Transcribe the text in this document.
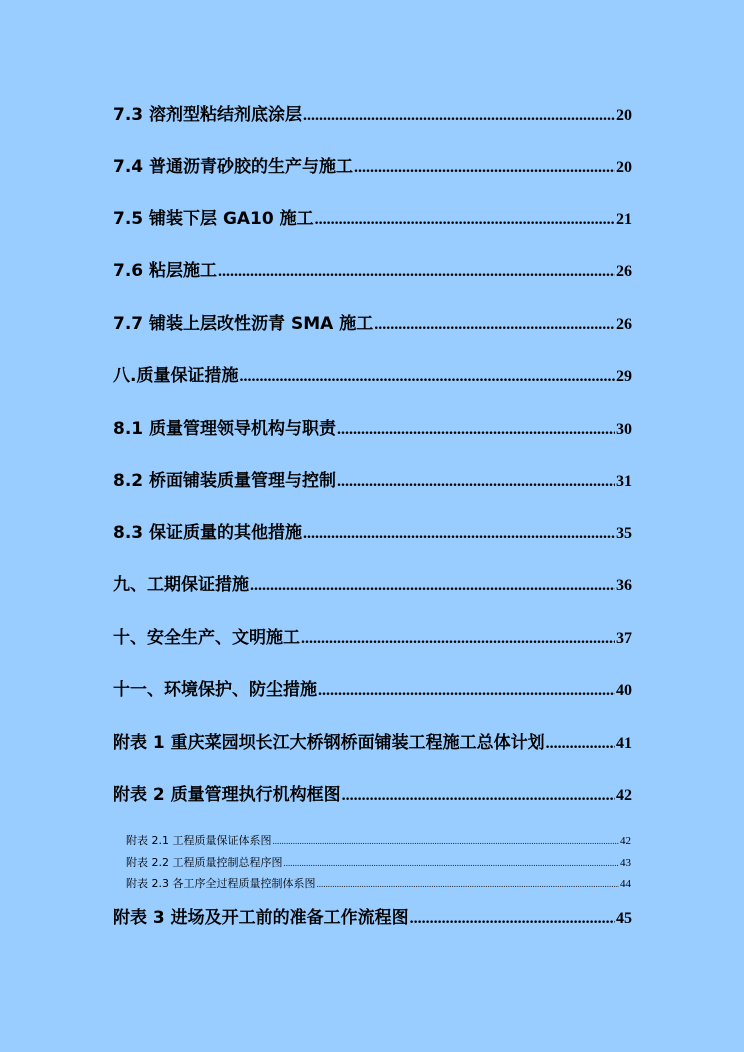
7.3 溶剂型粘结剂底涂层 .....	20
7.4 普通沥青砂胶的生产与施工 .....	20
7.5 铺装下层 GA10 施工 .....	21
7.6 粘层施工 .....	26
7.7 铺装上层改性沥青 SMA 施工 .....	26
八.质量保证措施 .....	29
8.1 质量管理领导机构与职责 .....	30
8.2 桥面铺装质量管理与控制 .....	31
8.3 保证质量的其他措施 .....	35
九、工期保证措施 .....	36
十、安全生产、文明施工 .....	37
十一、环境保护、防尘措施 .....	40
附表 1 重庆菜园坝长江大桥钢桥面铺装工程施工总体计划 .....	41
附表 2 质量管理执行机构框图 .....	42
附表 2.1 工程质量保证体系图 .....	42
附表 2.2 工程质量控制总程序图 .....	43
附表 2.3 各工序全过程质量控制体系图 .....	44
附表 3 进场及开工前的准备工作流程图 .....	45
